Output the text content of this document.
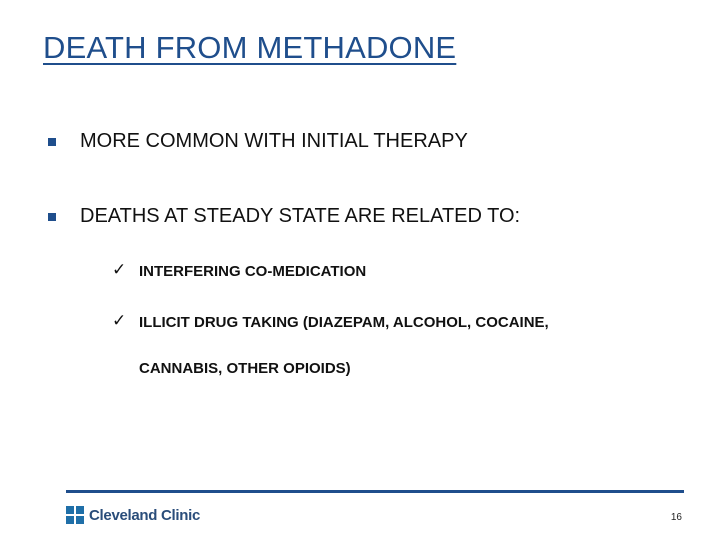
DEATH FROM METHADONE
MORE COMMON WITH INITIAL THERAPY
DEATHS AT STEADY STATE ARE RELATED TO:
✓ INTERFERING CO-MEDICATION
✓ ILLICIT DRUG TAKING (DIAZEPAM, ALCOHOL, COCAINE,
CANNABIS, OTHER OPIOIDS)
Cleveland Clinic	16
